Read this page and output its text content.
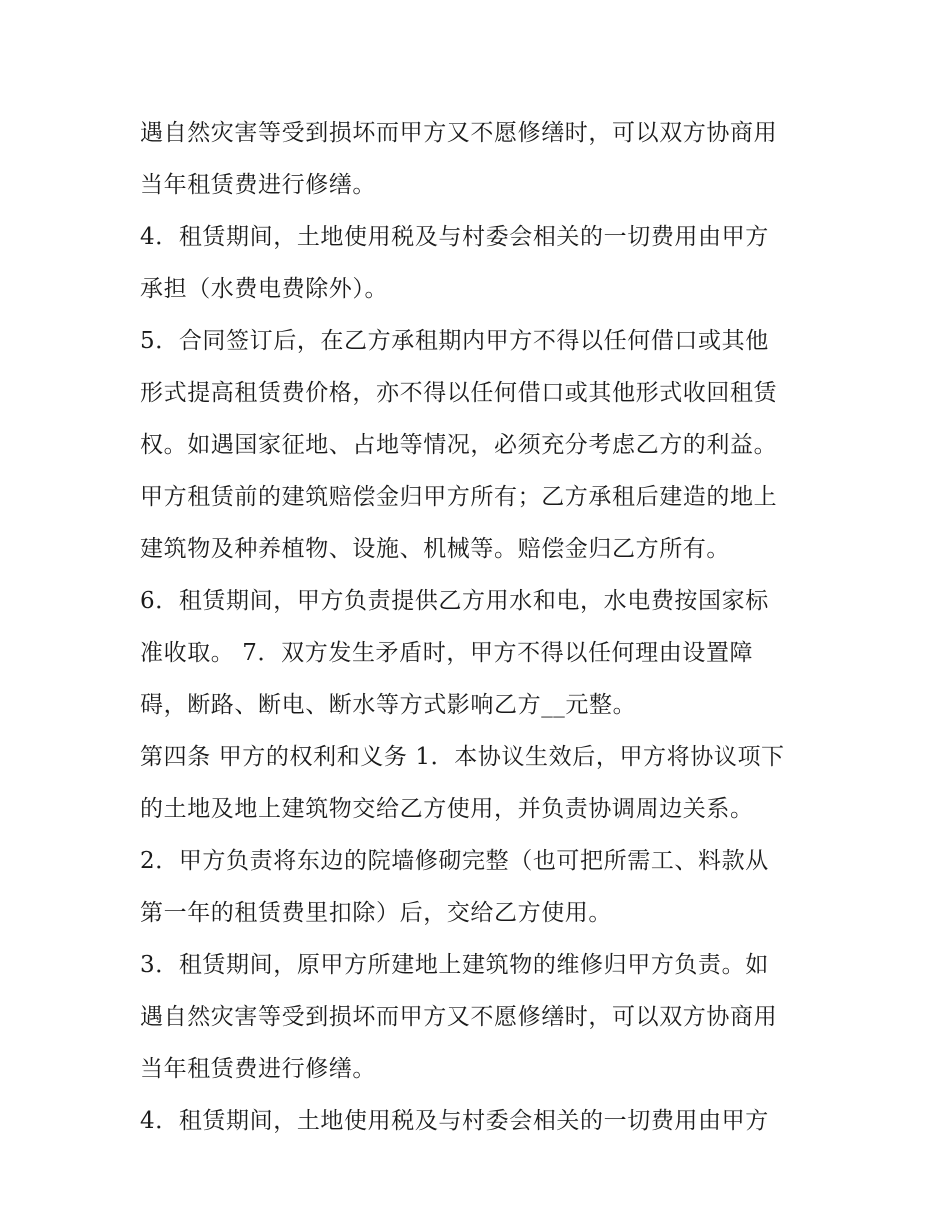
遇自然灾害等受到损坏而甲方又不愿修缮时，可以双方协商用
当年租赁费进行修缮。
4．租赁期间，土地使用税及与村委会相关的一切费用由甲方
承担（水费电费除外）。
5．合同签订后，在乙方承租期内甲方不得以任何借口或其他
形式提高租赁费价格，亦不得以任何借口或其他形式收回租赁
权。如遇国家征地、占地等情况，必须充分考虑乙方的利益。
甲方租赁前的建筑赔偿金归甲方所有；乙方承租后建造的地上
建筑物及种养植物、设施、机械等。赔偿金归乙方所有。
6．租赁期间，甲方负责提供乙方用水和电，水电费按国家标
准收取。 7．双方发生矛盾时，甲方不得以任何理由设置障
碍，断路、断电、断水等方式影响乙方__元整。
第四条 甲方的权利和义务 1．本协议生效后，甲方将协议项下
的土地及地上建筑物交给乙方使用，并负责协调周边关系。
2．甲方负责将东边的院墙修砌完整（也可把所需工、料款从
第一年的租赁费里扣除）后，交给乙方使用。
3．租赁期间，原甲方所建地上建筑物的维修归甲方负责。如
遇自然灾害等受到损坏而甲方又不愿修缮时，可以双方协商用
当年租赁费进行修缮。
4．租赁期间，土地使用税及与村委会相关的一切费用由甲方
